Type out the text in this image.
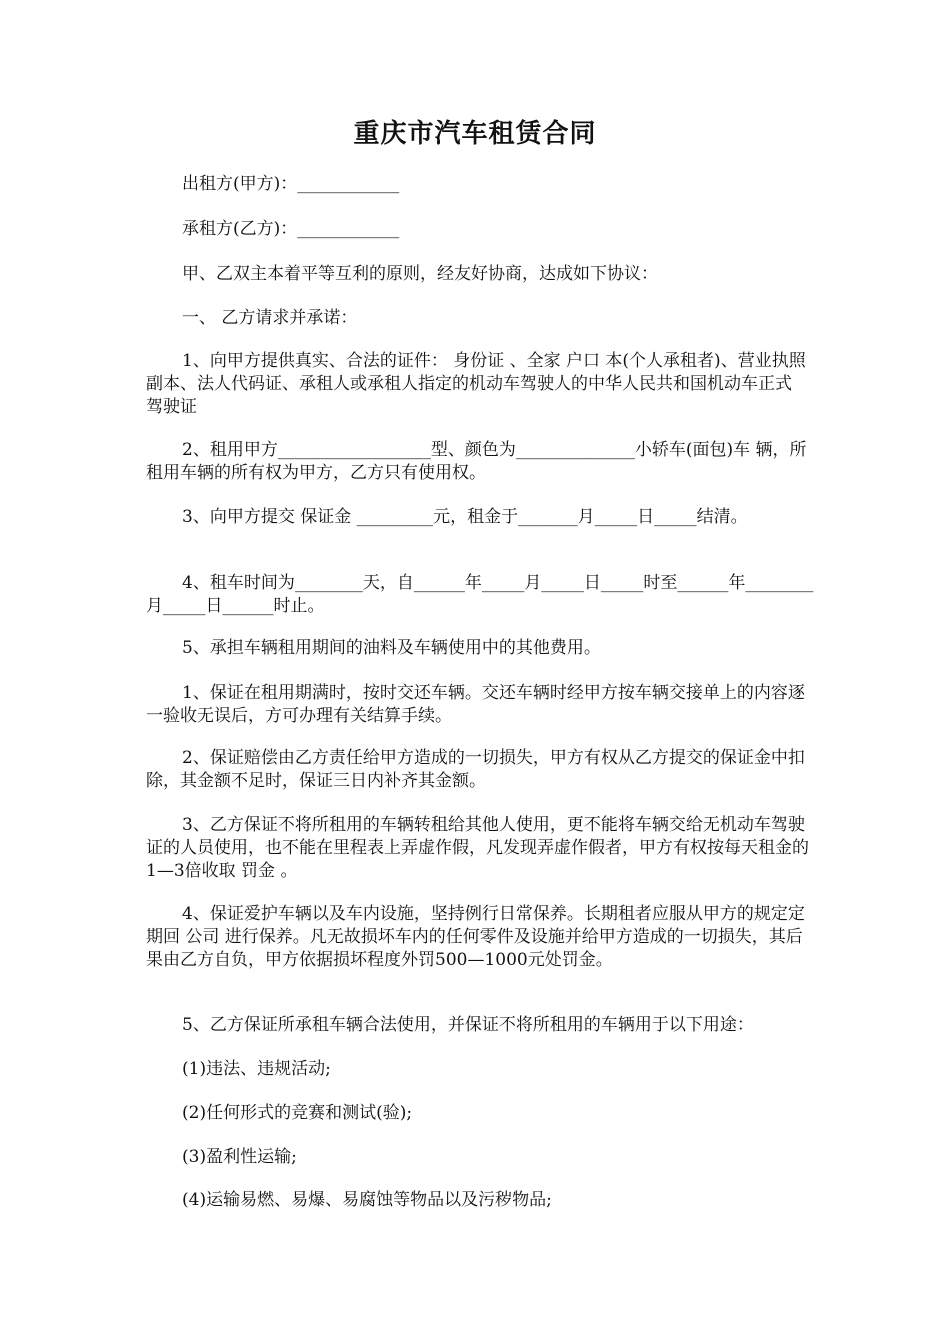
重庆市汽车租赁合同
出租方(甲方)：____________
承租方(乙方)：____________
甲、乙双主本着平等互利的原则，经友好协商，达成如下协议：
一、 乙方请求并承诺：
1、向甲方提供真实、合法的证件： 身份证 、全家 户口 本(个人承租者)、营业执照 副本、法人代码证、承租人或承租人指定的机动车驾驶人的中华人民共和国机动车正式 驾驶证
2、租用甲方__________________型、颜色为______________小轿车(面包)车 辆，所租用车辆的所有权为甲方，乙方只有使用权。
3、向甲方提交 保证金 _________元，租金于_______月_____日_____结清。
4、租车时间为________天，自______年_____月_____日_____时至______年________月_____日______时止。
5、承担车辆租用期间的油料及车辆使用中的其他费用。
1、保证在租用期满时，按时交还车辆。交还车辆时经甲方按车辆交接单上的内容逐一验收无误后，方可办理有关结算手续。
2、保证赔偿由乙方责任给甲方造成的一切损失，甲方有权从乙方提交的保证金中扣除，其金额不足时，保证三日内补齐其金额。
3、乙方保证不将所租用的车辆转租给其他人使用，更不能将车辆交给无机动车驾驶证的人员使用，也不能在里程表上弄虚作假，凡发现弄虚作假者，甲方有权按每天租金的1—3倍收取 罚金 。
4、保证爱护车辆以及车内设施，坚持例行日常保养。长期租者应服从甲方的规定定期回 公司 进行保养。凡无故损坏车内的任何零件及设施并给甲方造成的一切损失，其后果由乙方自负，甲方依据损坏程度外罚500—1000元处罚金。
5、乙方保证所承租车辆合法使用，并保证不将所租用的车辆用于以下用途：
(1)违法、违规活动;
(2)任何形式的竞赛和测试(验);
(3)盈利性运输;
(4)运输易燃、易爆、易腐蚀等物品以及污秽物品;
